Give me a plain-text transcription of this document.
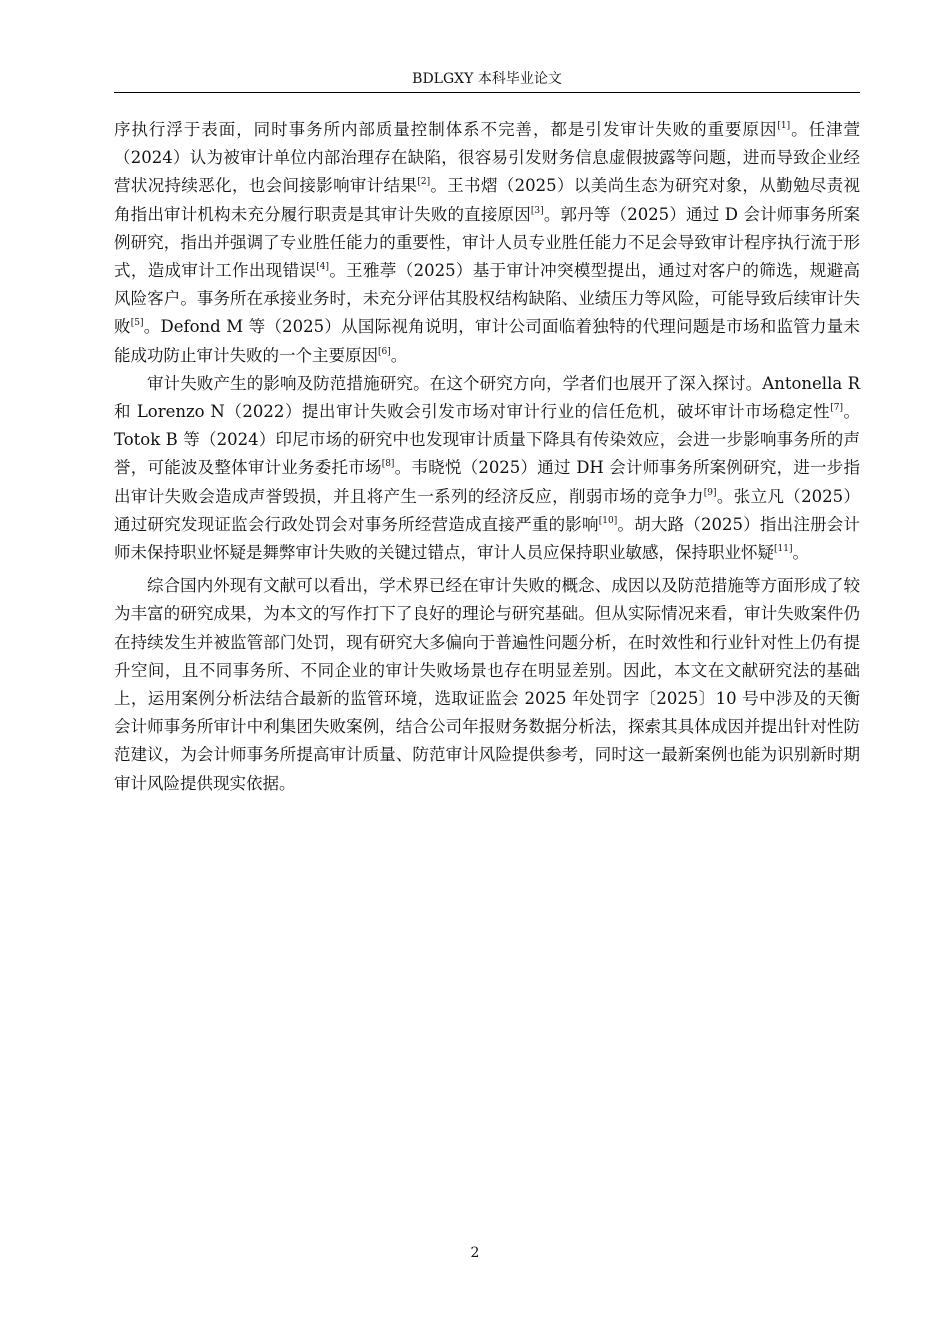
BDLGXY 本科毕业论文

序执行浮于表面，同时事务所内部质量控制体系不完善，都是引发审计失败的重要原因[1]。任津萱（2024）认为被审计单位内部治理存在缺陷，很容易引发财务信息虚假披露等问题，进而导致企业经营状况持续恶化，也会间接影响审计结果[2]。王书熠（2025）以美尚生态为研究对象，从勤勉尽责视角指出审计机构未充分履行职责是其审计失败的直接原因[3]。郭丹等（2025）通过 D 会计师事务所案例研究，指出并强调了专业胜任能力的重要性，审计人员专业胜任能力不足会导致审计程序执行流于形式，造成审计工作出现错误[4]。王雅葶（2025）基于审计冲突模型提出，通过对客户的筛选，规避高风险客户。事务所在承接业务时，未充分评估其股权结构缺陷、业绩压力等风险，可能导致后续审计失败[5]。Defond M 等（2025）从国际视角说明，审计公司面临着独特的代理问题是市场和监管力量未能成功防止审计失败的一个主要原因[6]。

审计失败产生的影响及防范措施研究。在这个研究方向，学者们也展开了深入探讨。Antonella R 和 Lorenzo N（2022）提出审计失败会引发市场对审计行业的信任危机，破坏审计市场稳定性[7]。Totok B 等（2024）印尼市场的研究中也发现审计质量下降具有传染效应，会进一步影响事务所的声誉，可能波及整体审计业务委托市场[8]。韦晓悦（2025）通过 DH 会计师事务所案例研究，进一步指出审计失败会造成声誉毁损，并且将产生一系列的经济反应，削弱市场的竞争力[9]。张立凡（2025）通过研究发现证监会行政处罚会对事务所经营造成直接严重的影响[10]。胡大路（2025）指出注册会计师未保持职业怀疑是舞弊审计失败的关键过错点，审计人员应保持职业敏感，保持职业怀疑[11]。

综合国内外现有文献可以看出，学术界已经在审计失败的概念、成因以及防范措施等方面形成了较为丰富的研究成果，为本文的写作打下了良好的理论与研究基础。但从实际情况来看，审计失败案件仍在持续发生并被监管部门处罚，现有研究大多偏向于普遍性问题分析，在时效性和行业针对性上仍有提升空间，且不同事务所、不同企业的审计失败场景也存在明显差别。因此，本文在文献研究法的基础上，运用案例分析法结合最新的监管环境，选取证监会 2025 年处罚字〔2025〕10 号中涉及的天衡会计师事务所审计中利集团失败案例，结合公司年报财务数据分析法，探索其具体成因并提出针对性防范建议，为会计师事务所提高审计质量、防范审计风险提供参考，同时这一最新案例也能为识别新时期审计风险提供现实依据。

2
